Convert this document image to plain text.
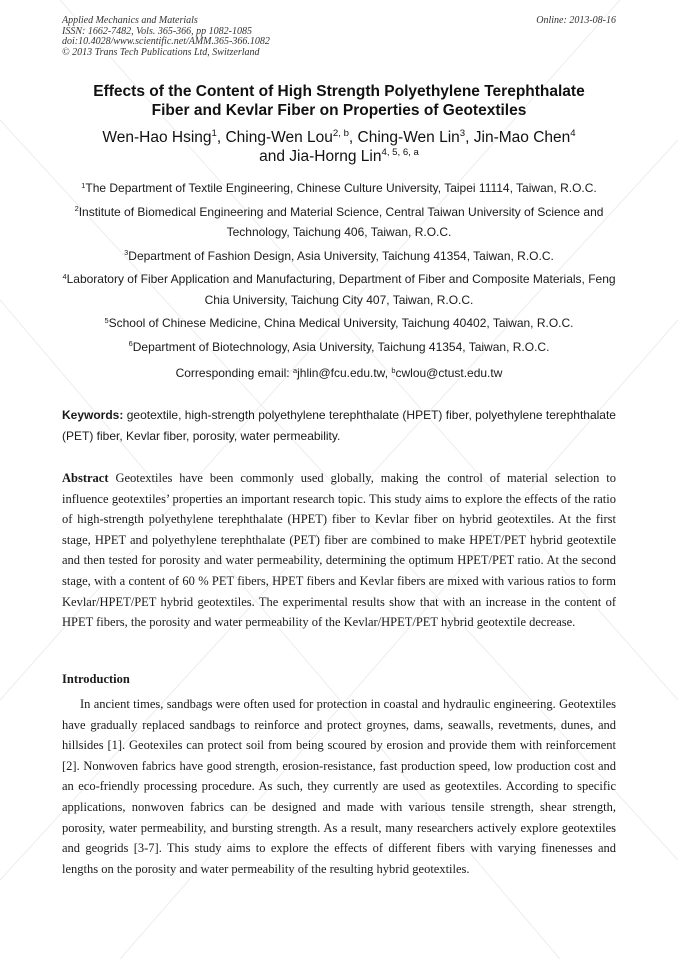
Applied Mechanics and Materials
ISSN: 1662-7482, Vols. 365-366, pp 1082-1085
doi:10.4028/www.scientific.net/AMM.365-366.1082
© 2013 Trans Tech Publications Ltd, Switzerland
Online: 2013-08-16
Effects of the Content of High Strength Polyethylene Terephthalate
Fiber and Kevlar Fiber on Properties of Geotextiles
Wen-Hao Hsing$^1$, Ching-Wen Lou$^{2, b}$, Ching-Wen Lin$^3$, Jin-Mao Chen$^4$
and Jia-Horng Lin$^{4, 5, 6, a}$
$^1$The Department of Textile Engineering, Chinese Culture University, Taipei 11114, Taiwan, R.O.C.
$^2$Institute of Biomedical Engineering and Material Science, Central Taiwan University of Science and Technology, Taichung 406, Taiwan, R.O.C.
$^3$Department of Fashion Design, Asia University, Taichung 41354, Taiwan, R.O.C.
$^4$Laboratory of Fiber Application and Manufacturing, Department of Fiber and Composite Materials, Feng Chia University, Taichung City 407, Taiwan, R.O.C.
$^5$School of Chinese Medicine, China Medical University, Taichung 40402, Taiwan, R.O.C.
$^6$Department of Biotechnology, Asia University, Taichung 41354, Taiwan, R.O.C.
Corresponding email: $^a$jhlin@fcu.edu.tw, $^b$cwlou@ctust.edu.tw
Keywords: geotextile, high-strength polyethylene terephthalate (HPET) fiber, polyethylene terephthalate (PET) fiber, Kevlar fiber, porosity, water permeability.
Abstract Geotextiles have been commonly used globally, making the control of material selection to influence geotextiles’ properties an important research topic. This study aims to explore the effects of the ratio of high-strength polyethylene terephthalate (HPET) fiber to Kevlar fiber on hybrid geotextiles. At the first stage, HPET and polyethylene terephthalate (PET) fiber are combined to make HPET/PET hybrid geotextile and then tested for porosity and water permeability, determining the optimum HPET/PET ratio. At the second stage, with a content of 60 % PET fibers, HPET fibers and Kevlar fibers are mixed with various ratios to form Kevlar/HPET/PET hybrid geotextiles. The experimental results show that with an increase in the content of HPET fibers, the porosity and water permeability of the Kevlar/HPET/PET hybrid geotextile decrease.
Introduction
In ancient times, sandbags were often used for protection in coastal and hydraulic engineering. Geotextiles have gradually replaced sandbags to reinforce and protect groynes, dams, seawalls, revetments, dunes, and hillsides [1]. Geotexiles can protect soil from being scoured by erosion and provide them with reinforcement [2]. Nonwoven fabrics have good strength, erosion-resistance, fast production speed, low production cost and an eco-friendly processing procedure. As such, they currently are used as geotextiles. According to specific applications, nonwoven fabrics can be designed and made with various tensile strength, shear strength, porosity, water permeability, and bursting strength. As a result, many researchers actively explore geotextiles and geogrids [3-7]. This study aims to explore the effects of different fibers with varying finenesses and lengths on the porosity and water permeability of the resulting hybrid geotextiles.
